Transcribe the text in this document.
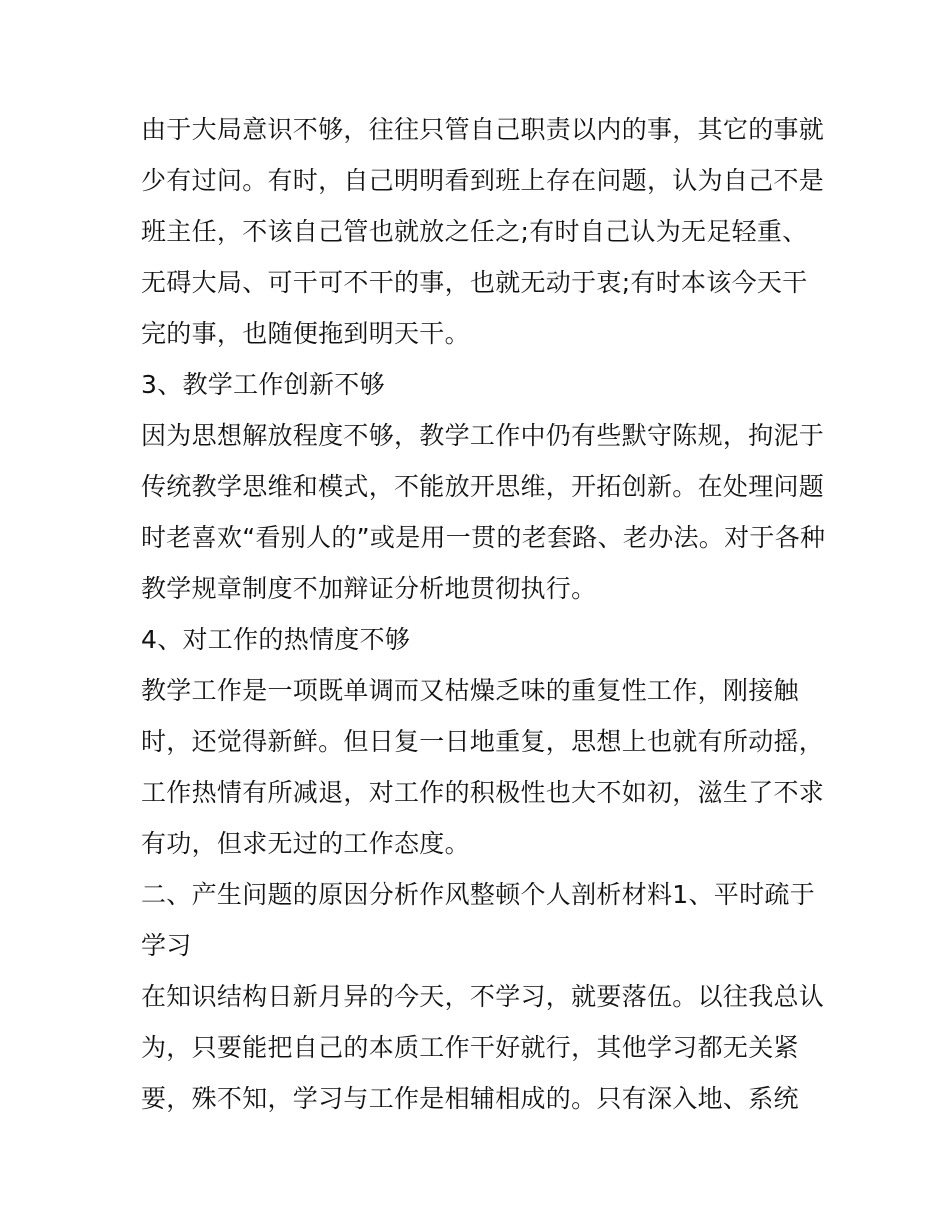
由于大局意识不够，往往只管自己职责以内的事，其它的事就
少有过问。有时，自己明明看到班上存在问题，认为自己不是
班主任，不该自己管也就放之任之;有时自己认为无足轻重、
无碍大局、可干可不干的事，也就无动于衷;有时本该今天干
完的事，也随便拖到明天干。
3、教学工作创新不够
因为思想解放程度不够，教学工作中仍有些默守陈规，拘泥于
传统教学思维和模式，不能放开思维，开拓创新。在处理问题
时老喜欢“看别人的”或是用一贯的老套路、老办法。对于各种
教学规章制度不加辩证分析地贯彻执行。
4、对工作的热情度不够
教学工作是一项既单调而又枯燥乏味的重复性工作，刚接触
时，还觉得新鲜。但日复一日地重复，思想上也就有所动摇，
工作热情有所减退，对工作的积极性也大不如初，滋生了不求
有功，但求无过的工作态度。
二、产生问题的原因分析作风整顿个人剖析材料1、平时疏于
学习
在知识结构日新月异的今天，不学习，就要落伍。以往我总认
为，只要能把自己的本质工作干好就行，其他学习都无关紧
要，殊不知，学习与工作是相辅相成的。只有深入地、系统
